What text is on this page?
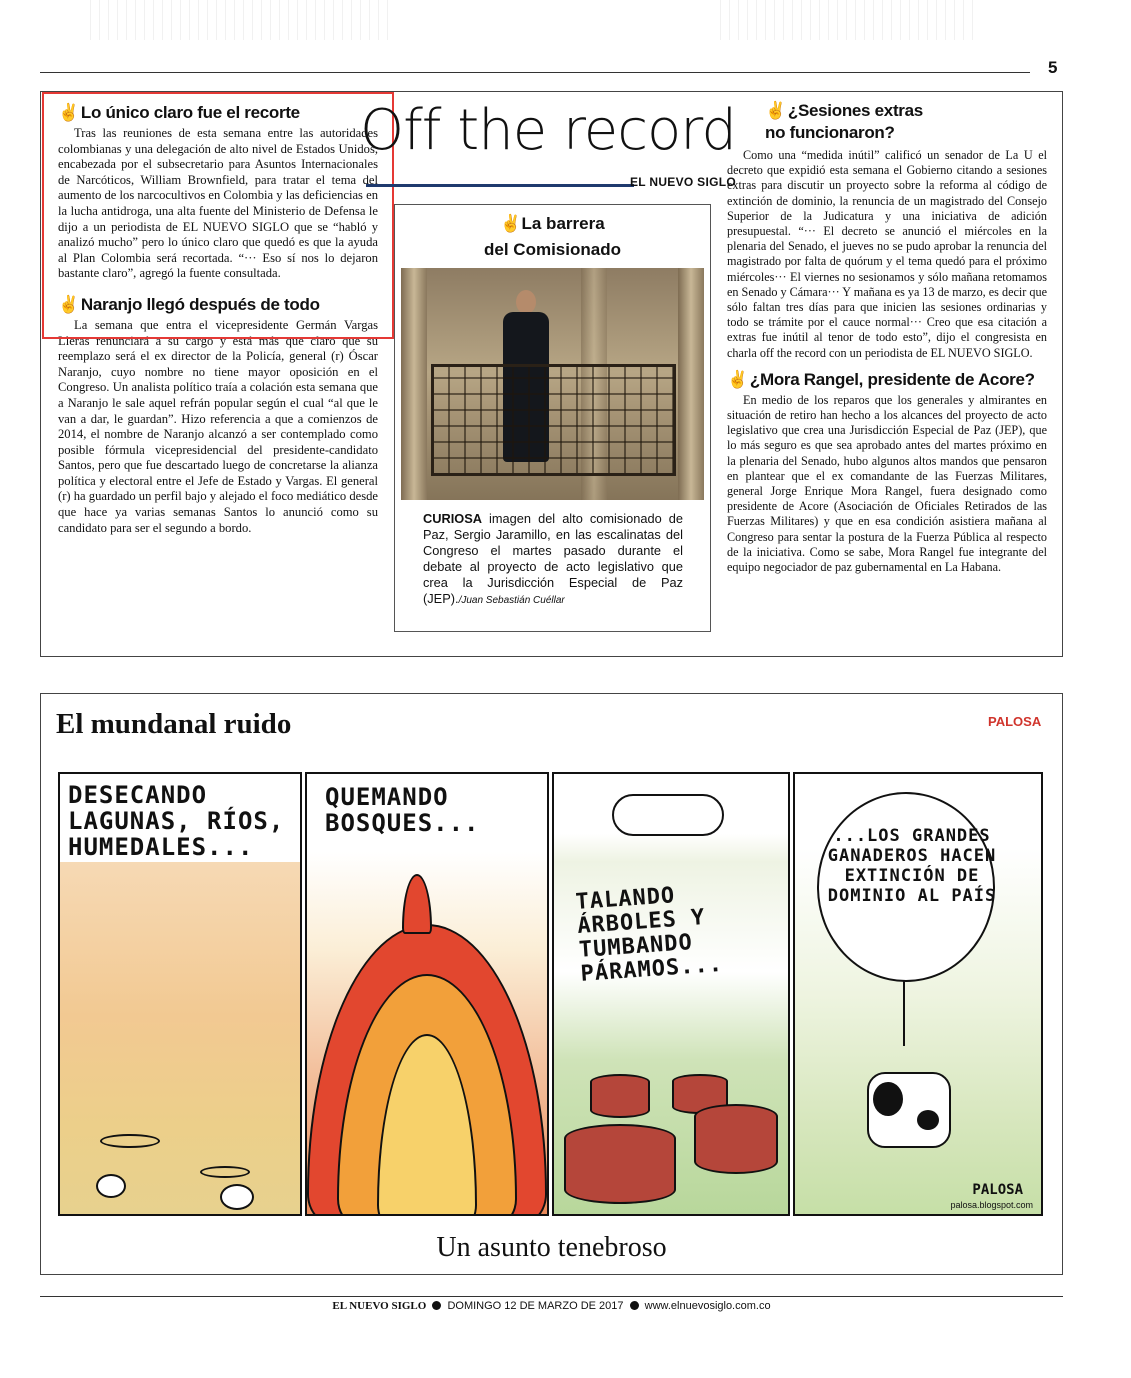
5
✌ Lo único claro fue el recorte

Tras las reuniones de esta semana entre las autoridades colombianas y una delegación de alto nivel de Estados Unidos, encabezada por el subsecretario para Asuntos Internacionales de Narcóticos, William Brownfield, para tratar el tema del aumento de los narcocultivos en Colombia y las deficiencias en la lucha antidroga, una alta fuente del Ministerio de Defensa le dijo a un periodista de EL NUEVO SIGLO que se “habló y analizó mucho” pero lo único claro que quedó es que la ayuda al Plan Colombia será recortada. “··· Eso sí nos lo dejaron bastante claro”, agregó la fuente consultada.

✌ Naranjo llegó después de todo

La semana que entra el vicepresidente Germán Vargas Lleras renunciará a su cargo y está más que claro que su reemplazo será el ex director de la Policía, general (r) Óscar Naranjo, cuyo nombre no tiene mayor oposición en el Congreso. Un analista político traía a colación esta semana que a Naranjo le sale aquel refrán popular según el cual “al que le van a dar, le guardan”. Hizo referencia a que a comienzos de 2014, el nombre de Naranjo alcanzó a ser contemplado como posible fórmula vicepresidencial del presidente-candidato Santos, pero que fue descartado luego de concretarse la alianza política y electoral entre el Jefe de Estado y Vargas. El general (r) ha guardado un perfil bajo y alejado el foco mediático desde que hace ya varias semanas Santos lo anunció como su candidato para ser el segundo a bordo.

Off the record
EL NUEVO SIGLO
✌La barrera
del Comisionado

CURIOSA imagen del alto comisionado de Paz, Sergio Jaramillo, en las escalinatas del Congreso el martes pasado durante el debate al proyecto de acto legislativo que crea la Jurisdicción Especial de Paz (JEP)./Juan Sebastián Cuéllar

✌ ¿Sesiones extras
no funcionaron?

Como una “medida inútil” calificó un senador de La U el decreto que expidió esta semana el Gobierno citando a sesiones extras para discutir un proyecto sobre la reforma al código de extinción de dominio, la renuncia de un magistrado del Consejo Superior de la Judicatura y una iniciativa de adición presupuestal. “··· El decreto se anunció el miércoles en la plenaria del Senado, el jueves no se pudo aprobar la renuncia del magistrado por falta de quórum y el tema quedó para el próximo miércoles··· El viernes no sesionamos y sólo mañana retomamos en Senado y Cámara··· Y mañana es ya 13 de marzo, es decir que sólo faltan tres días para que inicien las sesiones ordinarias y todo se trámite por el cauce normal··· Creo que esa citación a extras fue inútil al tenor de todo esto”, dijo el congresista en charla off the record con un periodista de EL NUEVO SIGLO.

✌ ¿Mora Rangel, presidente de Acore?

En medio de los reparos que los generales y almirantes en situación de retiro han hecho a los alcances del proyecto de acto legislativo que crea una Jurisdicción Especial de Paz (JEP), que lo más seguro es que sea aprobado antes del martes próximo en la plenaria del Senado, hubo algunos altos mandos que pensaron en plantear que el ex comandante de las Fuerzas Militares, general Jorge Enrique Mora Rangel, fuera designado como presidente de Acore (Asociación de Oficiales Retirados de las Fuerzas Militares) y que en esa condición asistiera mañana al Congreso para sentar la postura de la Fuerza Pública al respecto de la iniciativa. Como se sabe, Mora Rangel fue integrante del equipo negociador de paz gubernamental en La Habana.

El mundanal ruido	PALOSA
DESECANDO LAGUNAS, RÍOS, HUMEDALES...
QUEMANDO BOSQUES...
TALANDO ÁRBOLES Y TUMBANDO PÁRAMOS...
...LOS GRANDES GANADEROS HACEN EXTINCIÓN DE DOMINIO AL PAÍS
PALOSA
palosa.blogspot.com
Un asunto tenebroso
EL NUEVO SIGLO DOMINGO 12 DE MARZO DE 2017 www.elnuevosiglo.com.co
